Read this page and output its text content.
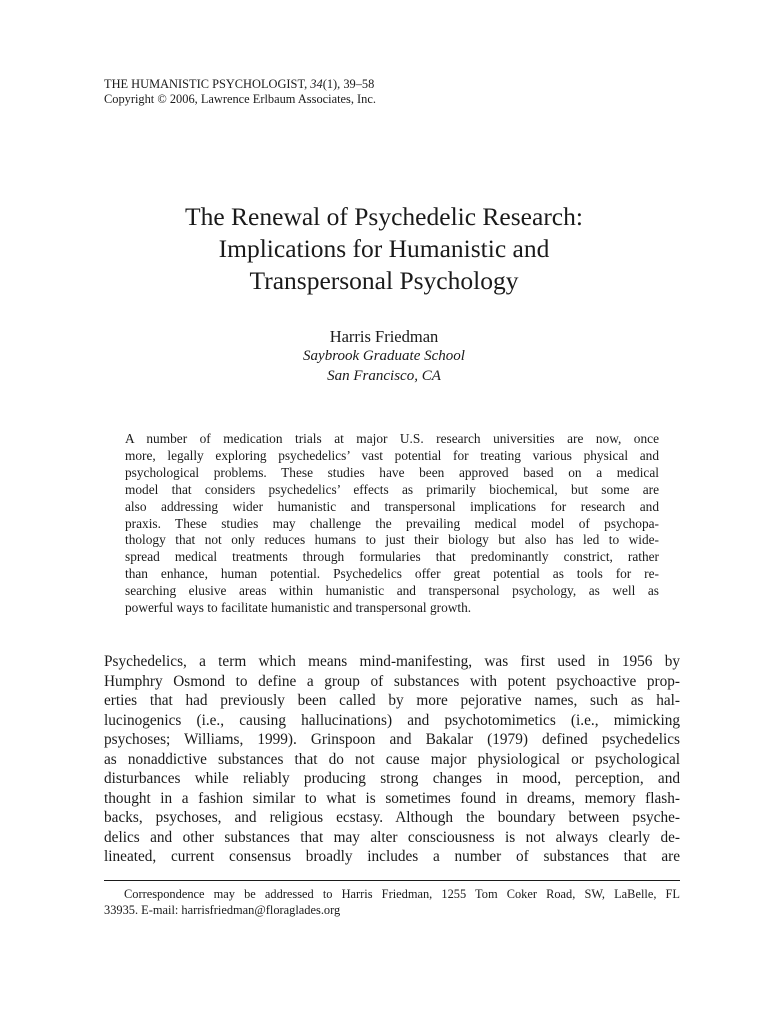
THE HUMANISTIC PSYCHOLOGIST, 34(1), 39–58
Copyright © 2006, Lawrence Erlbaum Associates, Inc.
The Renewal of Psychedelic Research:
Implications for Humanistic and
Transpersonal Psychology
Harris Friedman
Saybrook Graduate School
San Francisco, CA
A number of medication trials at major U.S. research universities are now, once
more, legally exploring psychedelics’ vast potential for treating various physical and
psychological problems. These studies have been approved based on a medical
model that considers psychedelics’ effects as primarily biochemical, but some are
also addressing wider humanistic and transpersonal implications for research and
praxis. These studies may challenge the prevailing medical model of psychopa-
thology that not only reduces humans to just their biology but also has led to wide-
spread medical treatments through formularies that predominantly constrict, rather
than enhance, human potential. Psychedelics offer great potential as tools for re-
searching elusive areas within humanistic and transpersonal psychology, as well as
powerful ways to facilitate humanistic and transpersonal growth.
Psychedelics, a term which means mind-manifesting, was first used in 1956 by
Humphry Osmond to define a group of substances with potent psychoactive prop-
erties that had previously been called by more pejorative names, such as hal-
lucinogenics (i.e., causing hallucinations) and psychotomimetics (i.e., mimicking
psychoses; Williams, 1999). Grinspoon and Bakalar (1979) defined psychedelics
as nonaddictive substances that do not cause major physiological or psychological
disturbances while reliably producing strong changes in mood, perception, and
thought in a fashion similar to what is sometimes found in dreams, memory flash-
backs, psychoses, and religious ecstasy. Although the boundary between psyche-
delics and other substances that may alter consciousness is not always clearly de-
lineated, current consensus broadly includes a number of substances that are
Correspondence may be addressed to Harris Friedman, 1255 Tom Coker Road, SW, LaBelle, FL
33935. E-mail: harrisfriedman@floraglades.org
